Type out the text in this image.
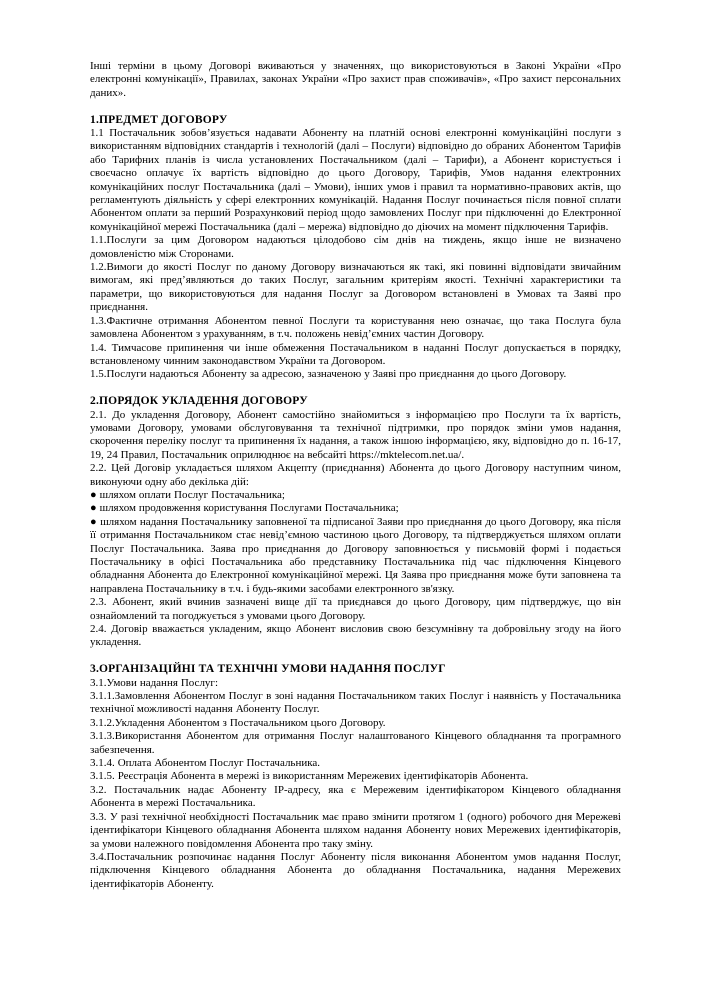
Інші терміни в цьому Договорі вживаються у значеннях, що використовуються в Законі України «Про електронні комунікації», Правилах, законах України «Про захист прав споживачів», «Про захист персональних даних».

1.ПРЕДМЕТ ДОГОВОРУ

1.1 Постачальник зобов’язується надавати Абоненту на платній основі електронні комунікаційні послуги з використанням відповідних стандартів і технологій (далі – Послуги) відповідно до обраних Абонентом Тарифів або Тарифних планів із числа установлених Постачальником (далі – Тарифи), а Абонент користується і своєчасно оплачує їх вартість відповідно до цього Договору, Тарифів, Умов надання електронних комунікаційних послуг Постачальника (далі – Умови), інших умов і правил та нормативно-правових актів, що регламентують діяльність у сфері електронних комунікацій. Надання Послуг починається після повної сплати Абонентом оплати за перший Розрахунковий період щодо замовлених Послуг при підключенні до Електронної комунікаційної мережі Постачальника (далі – мережа) відповідно до діючих на момент підключення Тарифів.

1.1.Послуги за цим Договором надаються цілодобово сім днів на тиждень, якщо інше не визначено домовленістю між Сторонами.

1.2.Вимоги до якості Послуг по даному Договору визначаються як такі, які повинні відповідати звичайним вимогам, які пред’являються до таких Послуг, загальним критеріям якості. Технічні характеристики та параметри, що використовуються для надання Послуг за Договором встановлені в Умовах та Заяві про приєднання.

1.3.Фактичне отримання Абонентом певної Послуги та користування нею означає, що така Послуга була замовлена Абонентом з урахуванням, в т.ч. положень невід’ємних частин Договору.

1.4. Тимчасове припинення чи інше обмеження Постачальником в наданні Послуг допускається в порядку, встановленому чинним законодавством України та Договором.

1.5.Послуги надаються Абоненту за адресою, зазначеною у Заяві про приєднання до цього Договору.

2.ПОРЯДОК УКЛАДЕННЯ ДОГОВОРУ

2.1. До укладення Договору, Абонент самостійно знайомиться з інформацією про Послуги та їх вартість, умовами Договору, умовами обслуговування та технічної підтримки, про порядок зміни умов надання, скорочення переліку послуг та припинення їх надання, а також іншою інформацією, яку, відповідно до п. 16-17, 19, 24 Правил, Постачальник оприлюднює на вебсайті https://mktelecom.net.ua/.

2.2. Цей Договір укладається шляхом Акцепту (приєднання) Абонента до цього Договору наступним чином, виконуючи одну або декілька дій:

● шляхом оплати Послуг Постачальника;

● шляхом продовження користування Послугами Постачальника;

● шляхом надання Постачальнику заповненої та підписаної Заяви про приєднання до цього Договору, яка після її отримання Постачальником стає невід’ємною частиною цього Договору, та підтверджується шляхом оплати Послуг Постачальника. Заява про приєднання до Договору заповнюється у письмовій формі і подається Постачальнику в офісі Постачальника або представнику Постачальника під час підключення Кінцевого обладнання Абонента до Електронної комунікаційної мережі. Ця Заява про приєднання може бути заповнена та направлена Постачальнику в т.ч. і будь-якими засобами електронного зв'язку.

2.3. Абонент, який вчинив зазначені вище дії та приєднався до цього Договору, цим підтверджує, що він ознайомлений та погоджується з умовами цього Договору.

2.4. Договір вважається укладеним, якщо Абонент висловив свою безсумнівну та добровільну згоду на його укладення.

3.ОРГАНІЗАЦІЙНІ ТА ТЕХНІЧНІ УМОВИ НАДАННЯ ПОСЛУГ

3.1.Умови надання Послуг:

3.1.1.Замовлення Абонентом Послуг в зоні надання Постачальником таких Послуг і наявність у Постачальника технічної можливості надання Абоненту Послуг.

3.1.2.Укладення Абонентом з Постачальником цього Договору.

3.1.3.Використання Абонентом для отримання Послуг налаштованого Кінцевого обладнання та програмного забезпечення.

3.1.4. Оплата Абонентом Послуг Постачальника.

3.1.5. Реєстрація Абонента в мережі із використанням Мережевих ідентифікаторів Абонента.

3.2. Постачальник надає Абоненту IP-адресу, яка є Мережевим ідентифікатором Кінцевого обладнання Абонента в мережі Постачальника.

3.3. У разі технічної необхідності Постачальник має право змінити протягом 1 (одного) робочого дня Мережеві ідентифікатори Кінцевого обладнання Абонента шляхом надання Абоненту нових Мережевих ідентифікаторів, за умови належного повідомлення Абонента про таку зміну.

3.4.Постачальник розпочинає надання Послуг Абоненту після виконання Абонентом умов надання Послуг, підключення Кінцевого обладнання Абонента до обладнання Постачальника, надання Мережевих ідентифікаторів Абоненту.
